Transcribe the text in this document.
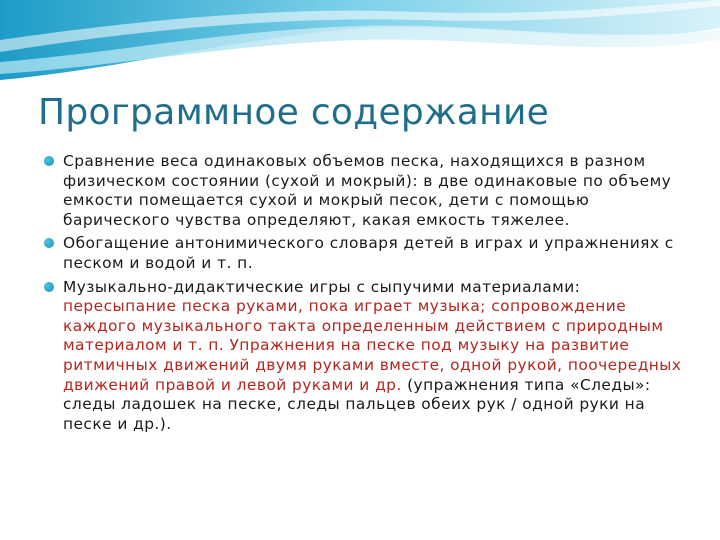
Программное содержание
Сравнение веса одинаковых объемов песка, находящихся в разном физическом состоянии (сухой и мокрый): в две одинаковые по объему емкости помещается сухой и мокрый песок, дети с помощью барического чувства определяют, какая емкость тяжелее.
Обогащение антонимического словаря детей в играх и упражнениях с песком и водой и т. п.
Музыкально-дидактические игры с сыпучими материалами: пересыпание песка руками, пока играет музыка; сопровождение каждого музыкального такта определенным действием с природным материалом и т. п. Упражнения на песке под музыку на развитие ритмичных движений двумя руками вместе, одной рукой, поочередных движений правой и левой руками и др. (упражнения типа «Следы»: следы ладошек на песке, следы пальцев обеих рук / одной руки на песке и др.).
